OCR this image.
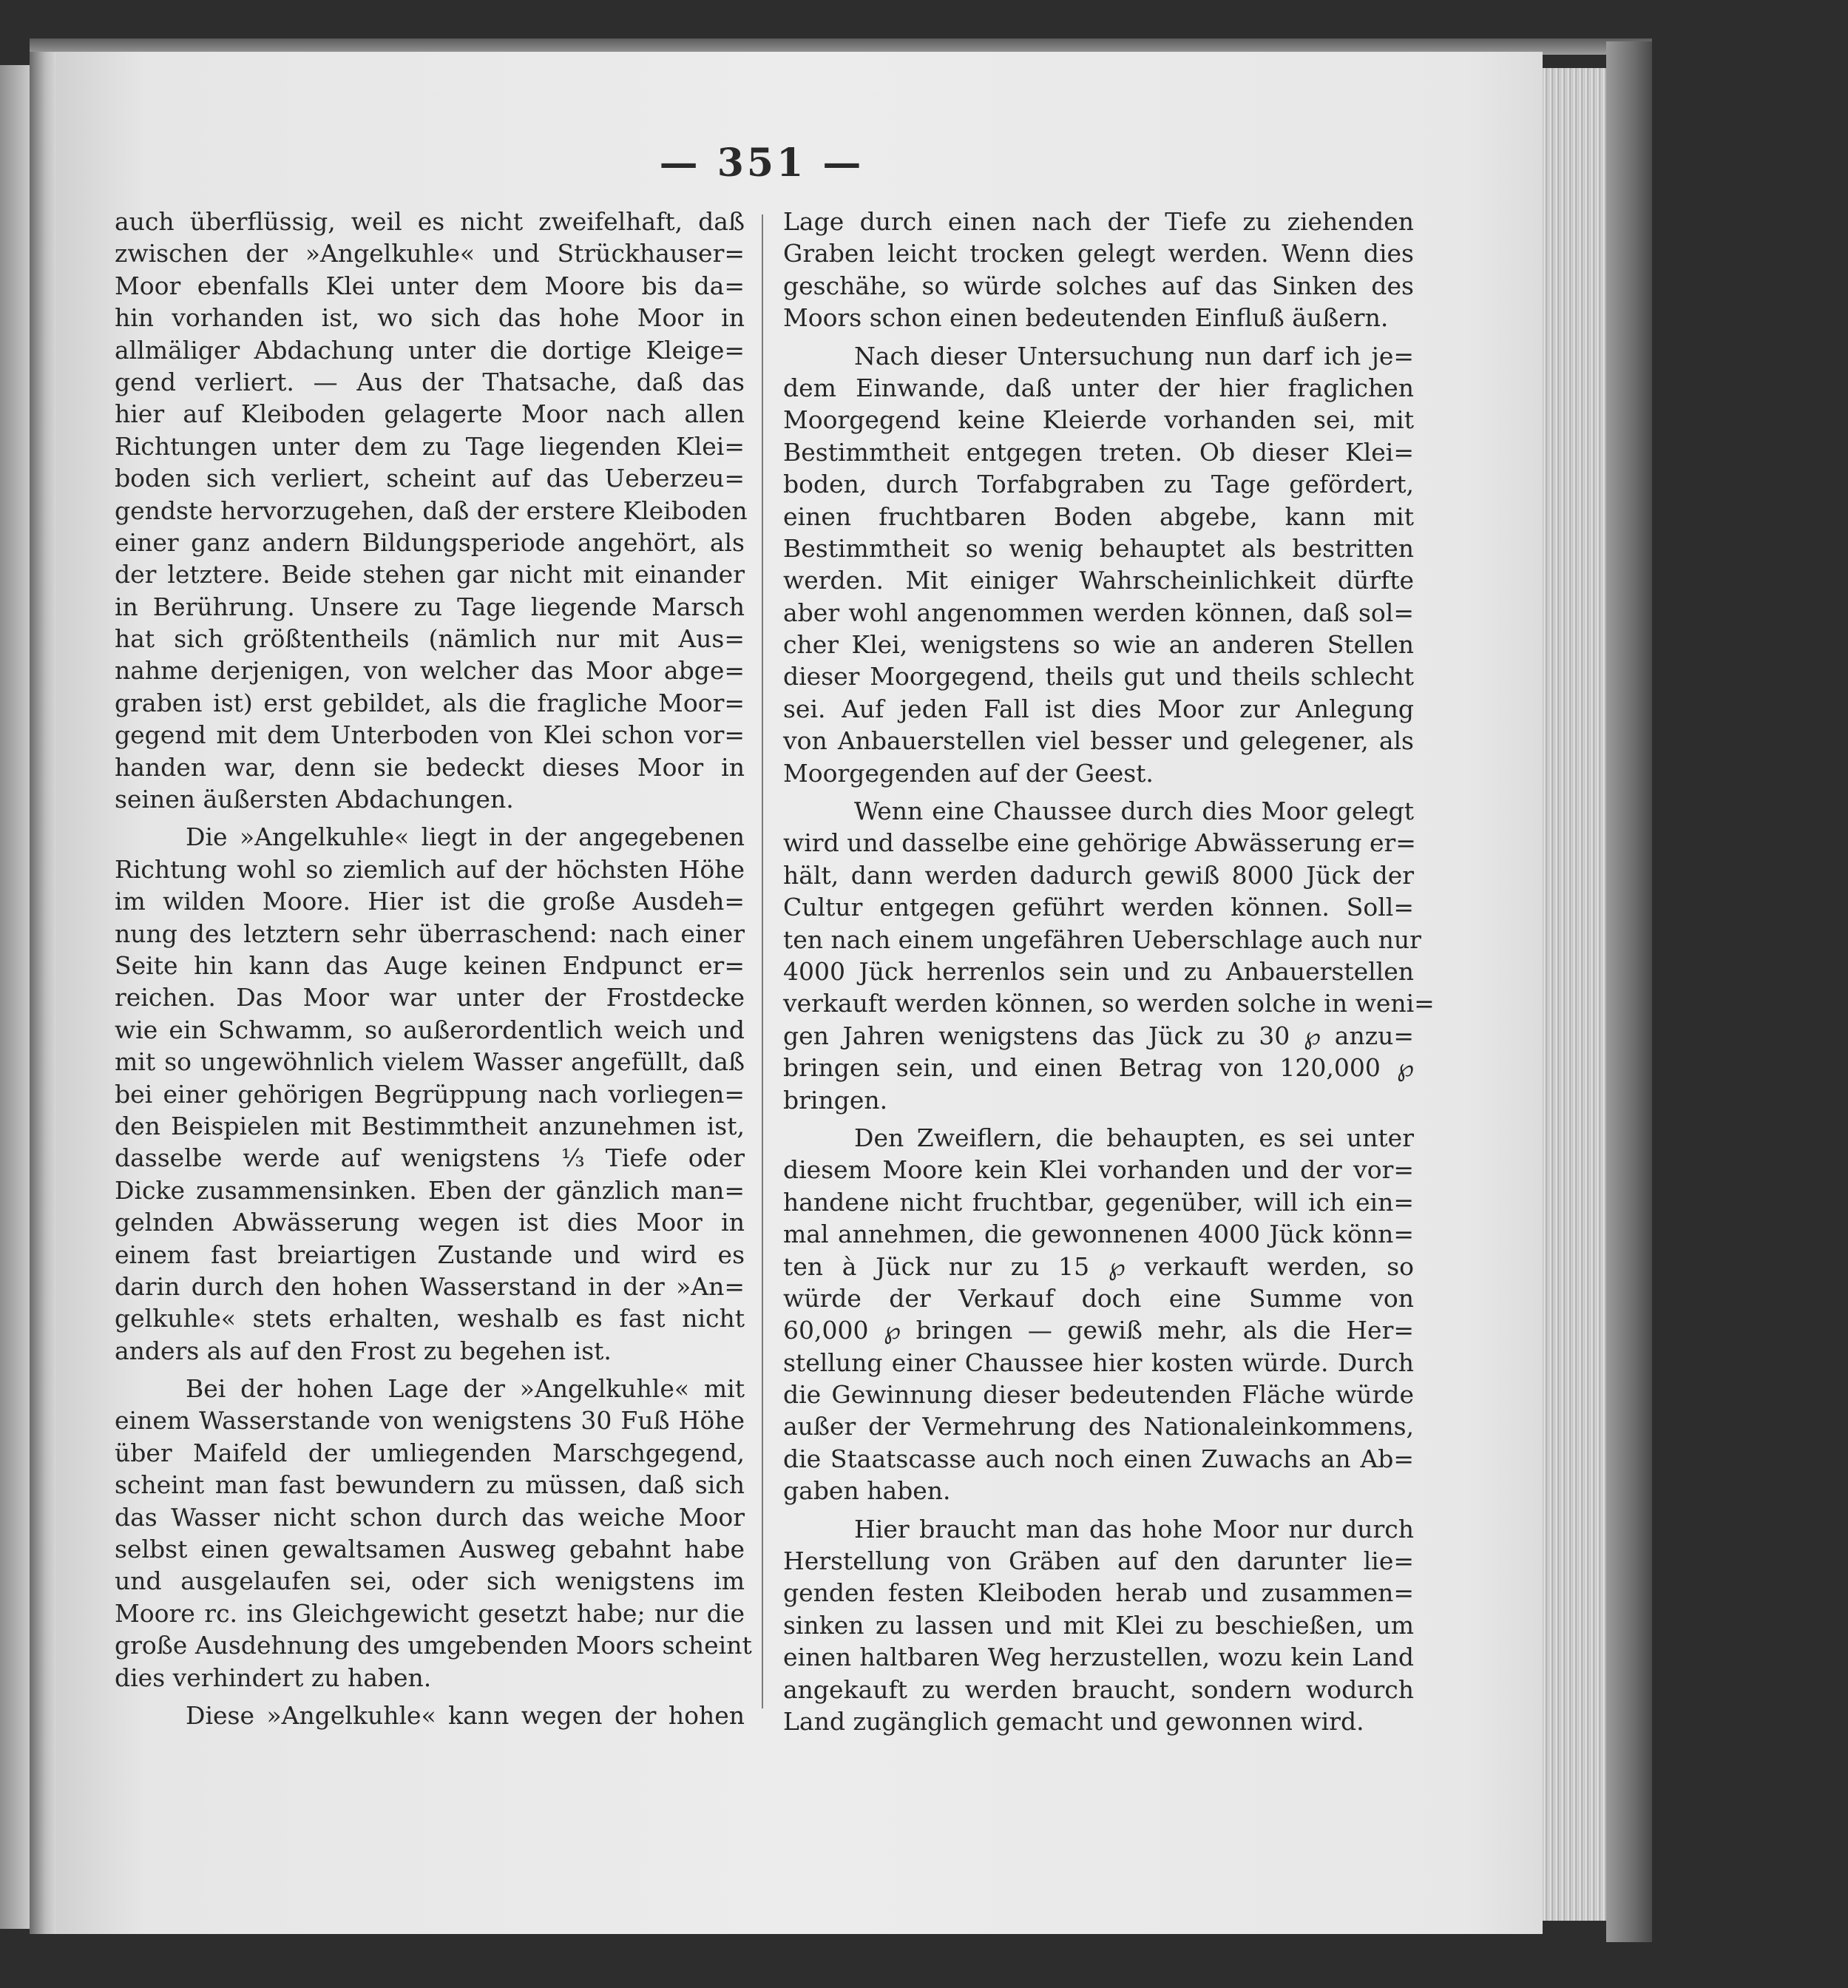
— 351 —
auch überflüssig, weil es nicht zweifelhaft, daß
zwischen der »Angelkuhle« und Strückhauser=
Moor ebenfalls Klei unter dem Moore bis da=
hin vorhanden ist, wo sich das hohe Moor in
allmäliger Abdachung unter die dortige Kleige=
gend verliert. — Aus der Thatsache, daß das
hier auf Kleiboden gelagerte Moor nach allen
Richtungen unter dem zu Tage liegenden Klei=
boden sich verliert, scheint auf das Ueberzeu=
gendste hervorzugehen, daß der erstere Kleiboden
einer ganz andern Bildungsperiode angehört, als
der letztere. Beide stehen gar nicht mit einander
in Berührung. Unsere zu Tage liegende Marsch
hat sich größtentheils (nämlich nur mit Aus=
nahme derjenigen, von welcher das Moor abge=
graben ist) erst gebildet, als die fragliche Moor=
gegend mit dem Unterboden von Klei schon vor=
handen war, denn sie bedeckt dieses Moor in
seinen äußersten Abdachungen.
Die »Angelkuhle« liegt in der angegebenen
Richtung wohl so ziemlich auf der höchsten Höhe
im wilden Moore. Hier ist die große Ausdeh=
nung des letztern sehr überraschend: nach einer
Seite hin kann das Auge keinen Endpunct er=
reichen. Das Moor war unter der Frostdecke
wie ein Schwamm, so außerordentlich weich und
mit so ungewöhnlich vielem Wasser angefüllt, daß
bei einer gehörigen Begrüppung nach vorliegen=
den Beispielen mit Bestimmtheit anzunehmen ist,
dasselbe werde auf wenigstens ⅓ Tiefe oder
Dicke zusammensinken. Eben der gänzlich man=
gelnden Abwässerung wegen ist dies Moor in
einem fast breiartigen Zustande und wird es
darin durch den hohen Wasserstand in der »An=
gelkuhle« stets erhalten, weshalb es fast nicht
anders als auf den Frost zu begehen ist.
Bei der hohen Lage der »Angelkuhle« mit
einem Wasserstande von wenigstens 30 Fuß Höhe
über Maifeld der umliegenden Marschgegend,
scheint man fast bewundern zu müssen, daß sich
das Wasser nicht schon durch das weiche Moor
selbst einen gewaltsamen Ausweg gebahnt habe
und ausgelaufen sei, oder sich wenigstens im
Moore rc. ins Gleichgewicht gesetzt habe; nur die
große Ausdehnung des umgebenden Moors scheint
dies verhindert zu haben.
Diese »Angelkuhle« kann wegen der hohen
Lage durch einen nach der Tiefe zu ziehenden
Graben leicht trocken gelegt werden. Wenn dies
geschähe, so würde solches auf das Sinken des
Moors schon einen bedeutenden Einfluß äußern.
Nach dieser Untersuchung nun darf ich je=
dem Einwande, daß unter der hier fraglichen
Moorgegend keine Kleierde vorhanden sei, mit
Bestimmtheit entgegen treten. Ob dieser Klei=
boden, durch Torfabgraben zu Tage gefördert,
einen fruchtbaren Boden abgebe, kann mit
Bestimmtheit so wenig behauptet als bestritten
werden. Mit einiger Wahrscheinlichkeit dürfte
aber wohl angenommen werden können, daß sol=
cher Klei, wenigstens so wie an anderen Stellen
dieser Moorgegend, theils gut und theils schlecht
sei. Auf jeden Fall ist dies Moor zur Anlegung
von Anbauerstellen viel besser und gelegener, als
Moorgegenden auf der Geest.
Wenn eine Chaussee durch dies Moor gelegt
wird und dasselbe eine gehörige Abwässerung er=
hält, dann werden dadurch gewiß 8000 Jück der
Cultur entgegen geführt werden können. Soll=
ten nach einem ungefähren Ueberschlage auch nur
4000 Jück herrenlos sein und zu Anbauerstellen
verkauft werden können, so werden solche in weni=
gen Jahren wenigstens das Jück zu 30 ℘ anzu=
bringen sein, und einen Betrag von 120,000 ℘
bringen.
Den Zweiflern, die behaupten, es sei unter
diesem Moore kein Klei vorhanden und der vor=
handene nicht fruchtbar, gegenüber, will ich ein=
mal annehmen, die gewonnenen 4000 Jück könn=
ten à Jück nur zu 15 ℘ verkauft werden, so
würde der Verkauf doch eine Summe von
60,000 ℘ bringen — gewiß mehr, als die Her=
stellung einer Chaussee hier kosten würde. Durch
die Gewinnung dieser bedeutenden Fläche würde
außer der Vermehrung des Nationaleinkommens,
die Staatscasse auch noch einen Zuwachs an Ab=
gaben haben.
Hier braucht man das hohe Moor nur durch
Herstellung von Gräben auf den darunter lie=
genden festen Kleiboden herab und zusammen=
sinken zu lassen und mit Klei zu beschießen, um
einen haltbaren Weg herzustellen, wozu kein Land
angekauft zu werden braucht, sondern wodurch
Land zugänglich gemacht und gewonnen wird.
